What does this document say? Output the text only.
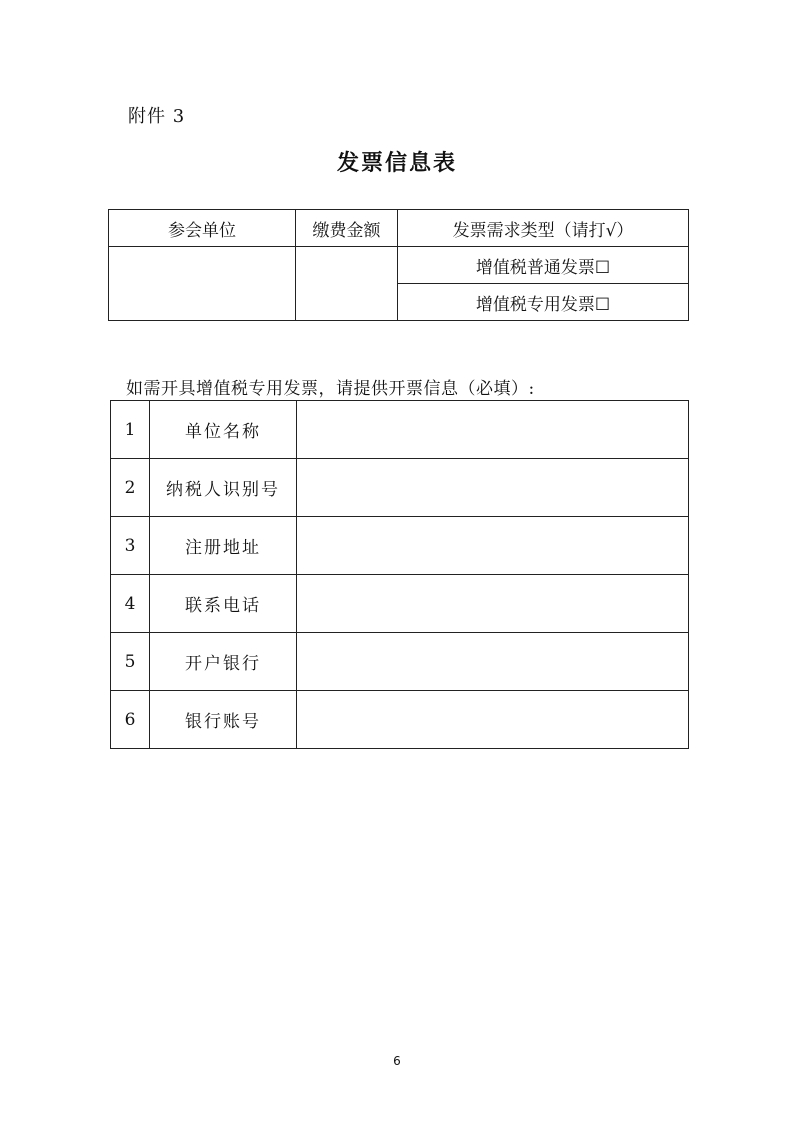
附件 3
发票信息表
参会单位	缴费金额	发票需求类型（请打√）
		增值税普通发票☐
		增值税专用发票☐
如需开具增值税专用发票，请提供开票信息（必填）:
1	单位名称	
2	纳税人识别号	
3	注册地址	
4	联系电话	
5	开户银行	
6	银行账号	
6
